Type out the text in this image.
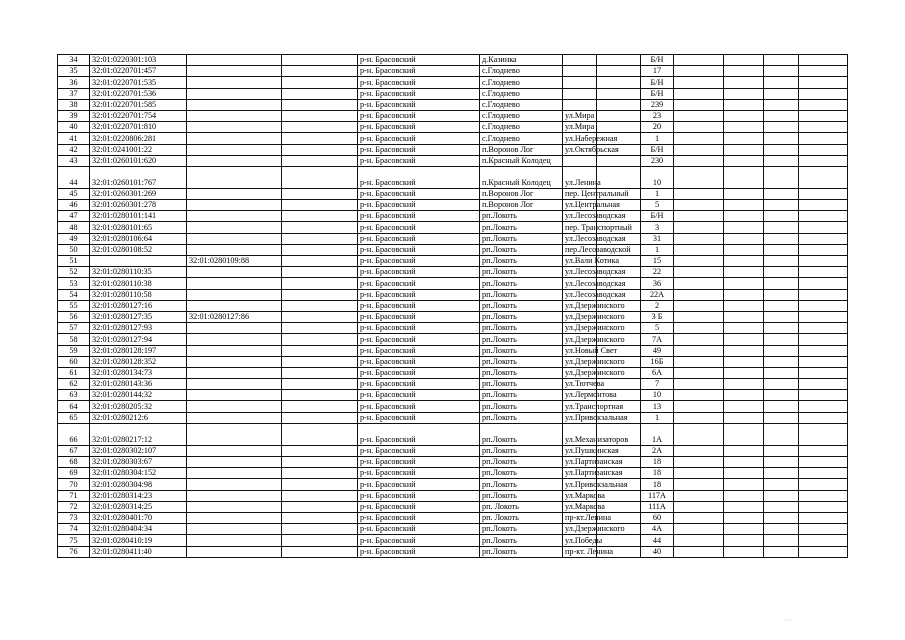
34	32:01:0220301:103			р-н. Брасовский	д.Казинка			Б/Н				
35	32:01:0220701:457			р-н. Брасовский	с.Глоднево			17				
36	32:01:0220701:535			р-н. Брасовский	с.Глоднево			Б/Н				
37	32:01:0220701:536			р-н. Брасовский	с.Глоднево			Б/Н				
38	32:01:0220701:585			р-н. Брасовский	с.Глоднево			239				
39	32:01:0220701:754			р-н. Брасовский	с.Глоднево	ул.Мира		23				
40	32:01:0220701:810			р-н. Брасовский	с.Глоднево	ул.Мира		20				
41	32:01:0220806:281			р-н. Брасовский	с.Глоднево	ул.Набережная		1				
42	32:01:0241001:22			р-н. Брасовский	п.Воронов Лог	ул.Октябрьская		Б/Н				
43	32:01:0260101:620			р-н. Брасовский	п.Красный Колодец			230				
44	32:01:0260101:767			р-н. Брасовский	п.Красный Колодец	ул.Ленина		10				
45	32:01:0260301:269			р-н. Брасовский	п.Воронов Лог	пер. Центральный		1				
46	32:01:0260301:278			р-н. Брасовский	п.Воронов Лог	ул.Центральная		5				
47	32:01:0280101:141			р-н. Брасовский	рп.Локоть	ул.Лесозаводская		Б/Н				
48	32:01:0280101:65			р-н. Брасовский	рп.Локоть	пер. Транспортный		3				
49	32:01:0280106:64			р-н. Брасовский	рп.Локоть	ул.Лесозаводская		31				
50	32:01:0280108:52			р-н. Брасовский	рп.Локоть	пер.Лесозаводской		1				
51		32:01:0280109:88		р-н. Брасовский	рп.Локоть	ул.Вали Котика		15				
52	32:01:0280110:35			р-н. Брасовский	рп.Локоть	ул.Лесозаводская		22				
53	32:01:0280110:38			р-н. Брасовский	рп.Локоть	ул.Лесозаводская		36				
54	32:01:0280110:58			р-н. Брасовский	рп.Локоть	ул.Лесозаводская		22А				
55	32:01:0280127:16			р-н. Брасовский	рп.Локоть	ул.Дзержинского		2				
56	32:01:0280127:35	32:01:0280127:86		р-н. Брасовский	рп.Локоть	ул.Дзержинского		3 Б				
57	32:01:0280127:93			р-н. Брасовский	рп.Локоть	ул.Дзержинского		5				
58	32:01:0280127:94			р-н. Брасовский	рп.Локоть	ул.Дзержинского		7А				
59	32:01:0280128:197			р-н. Брасовский	рп.Локоть	ул.Новый Свет		49				
60	32:01:0280128:352			р-н. Брасовский	рп.Локоть	ул.Дзержинского		16Б				
61	32:01:0280134:73			р-н. Брасовский	рп.Локоть	ул.Дзержинского		6А				
62	32:01:0280143:36			р-н. Брасовский	рп.Локоть	ул.Тютчева		7				
63	32:01:0280144:32			р-н. Брасовский	рп.Локоть	ул.Лермонтова		10				
64	32:01:0280205:32			р-н. Брасовский	рп.Локоть	ул.Транспортная		13				
65	32:01:0280212:6			р-н. Брасовский	рп.Локоть	ул.Привокзальная		1				
66	32:01:0280217:12			р-н. Брасовский	рп.Локоть	ул.Механизаторов		1А				
67	32:01:0280302:107			р-н. Брасовский	рп.Локоть	ул.Пушкинская		2А				
68	32:01:0280303:67			р-н. Брасовский	рп.Локоть	ул.Партизанская		18				
69	32:01:0280304:152			р-н. Брасовский	рп.Локоть	ул.Партизанская		18				
70	32:01:0280304:98			р-н. Брасовский	рп.Локоть	ул.Привокзальная		18				
71	32:01:0280314:23			р-н. Брасовский	рп.Локоть	ул.Маркова		117А				
72	32:01:0280314:25			р-н. Брасовский	рп. Локоть	ул.Маркова		111А				
73	32:01:0280401:70			р-н. Брасовский	рп. Локоть	пр-кт.Ленина		60				
74	32:01:0280404:34			р-н. Брасовский	рп.Локоть	ул.Дзержинского		4А				
75	32:01:0280410:19			р-н. Брасовский	рп.Локоть	ул.Победы		44				
76	32:01:0280411:40			р-н. Брасовский	рп.Локоть	пр-кт. Ленина		40				
·· ·
